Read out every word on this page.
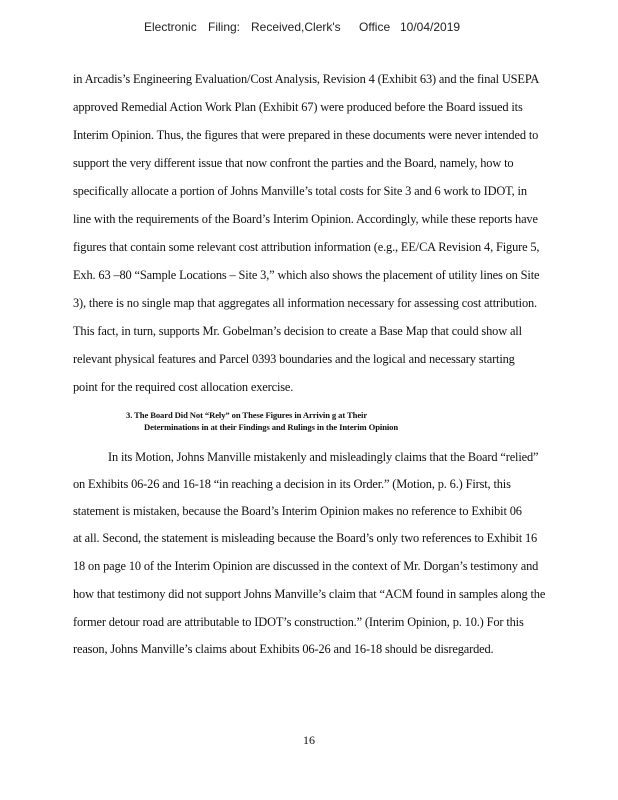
Electronic Filing: Received,Clerk's Office 10/04/2019
in Arcadis’s Engineering Evaluation/Cost Analysis, Revision 4 (Exhibit 63) and the final USEPA
approved Remedial Action Work Plan (Exhibit 67) were produced before the Board issued its
Interim Opinion. Thus, the figures that were prepared in these documents were never intended to
support the very different issue that now confront the parties and the Board, namely, how to
specifically allocate a portion of Johns Manville’s total costs for Site 3 and 6 work to IDOT, in
line with the requirements of the Board’s Interim Opinion. Accordingly, while these reports have
figures that contain some relevant cost attribution information (e.g., EE/CA Revision 4, Figure 5,
Exh. 63 –80 “Sample Locations – Site 3,” which also shows the placement of utility lines on Site
3), there is no single map that aggregates all information necessary for assessing cost attribution.
This fact, in turn, supports Mr. Gobelman’s decision to create a Base Map that could show all
relevant physical features and Parcel 0393 boundaries and the logical and necessary starting
point for the required cost allocation exercise.
3. The Board Did Not “Rely” on These Figures in Arrivin g at Their
Determinations in at their Findings and Rulings in the Interim Opinion
In its Motion, Johns Manville mistakenly and misleadingly claims that the Board “relied”
on Exhibits 06-26 and 16-18 “in reaching a decision in its Order.” (Motion, p. 6.) First, this
statement is mistaken, because the Board’s Interim Opinion makes no reference to Exhibit 06
at all. Second, the statement is misleading because the Board’s only two references to Exhibit 16
18 on page 10 of the Interim Opinion are discussed in the context of Mr. Dorgan’s testimony and
how that testimony did not support Johns Manville’s claim that “ACM found in samples along the
former detour road are attributable to IDOT’s construction.” (Interim Opinion, p. 10.) For this
reason, Johns Manville’s claims about Exhibits 06-26 and 16-18 should be disregarded.
16
